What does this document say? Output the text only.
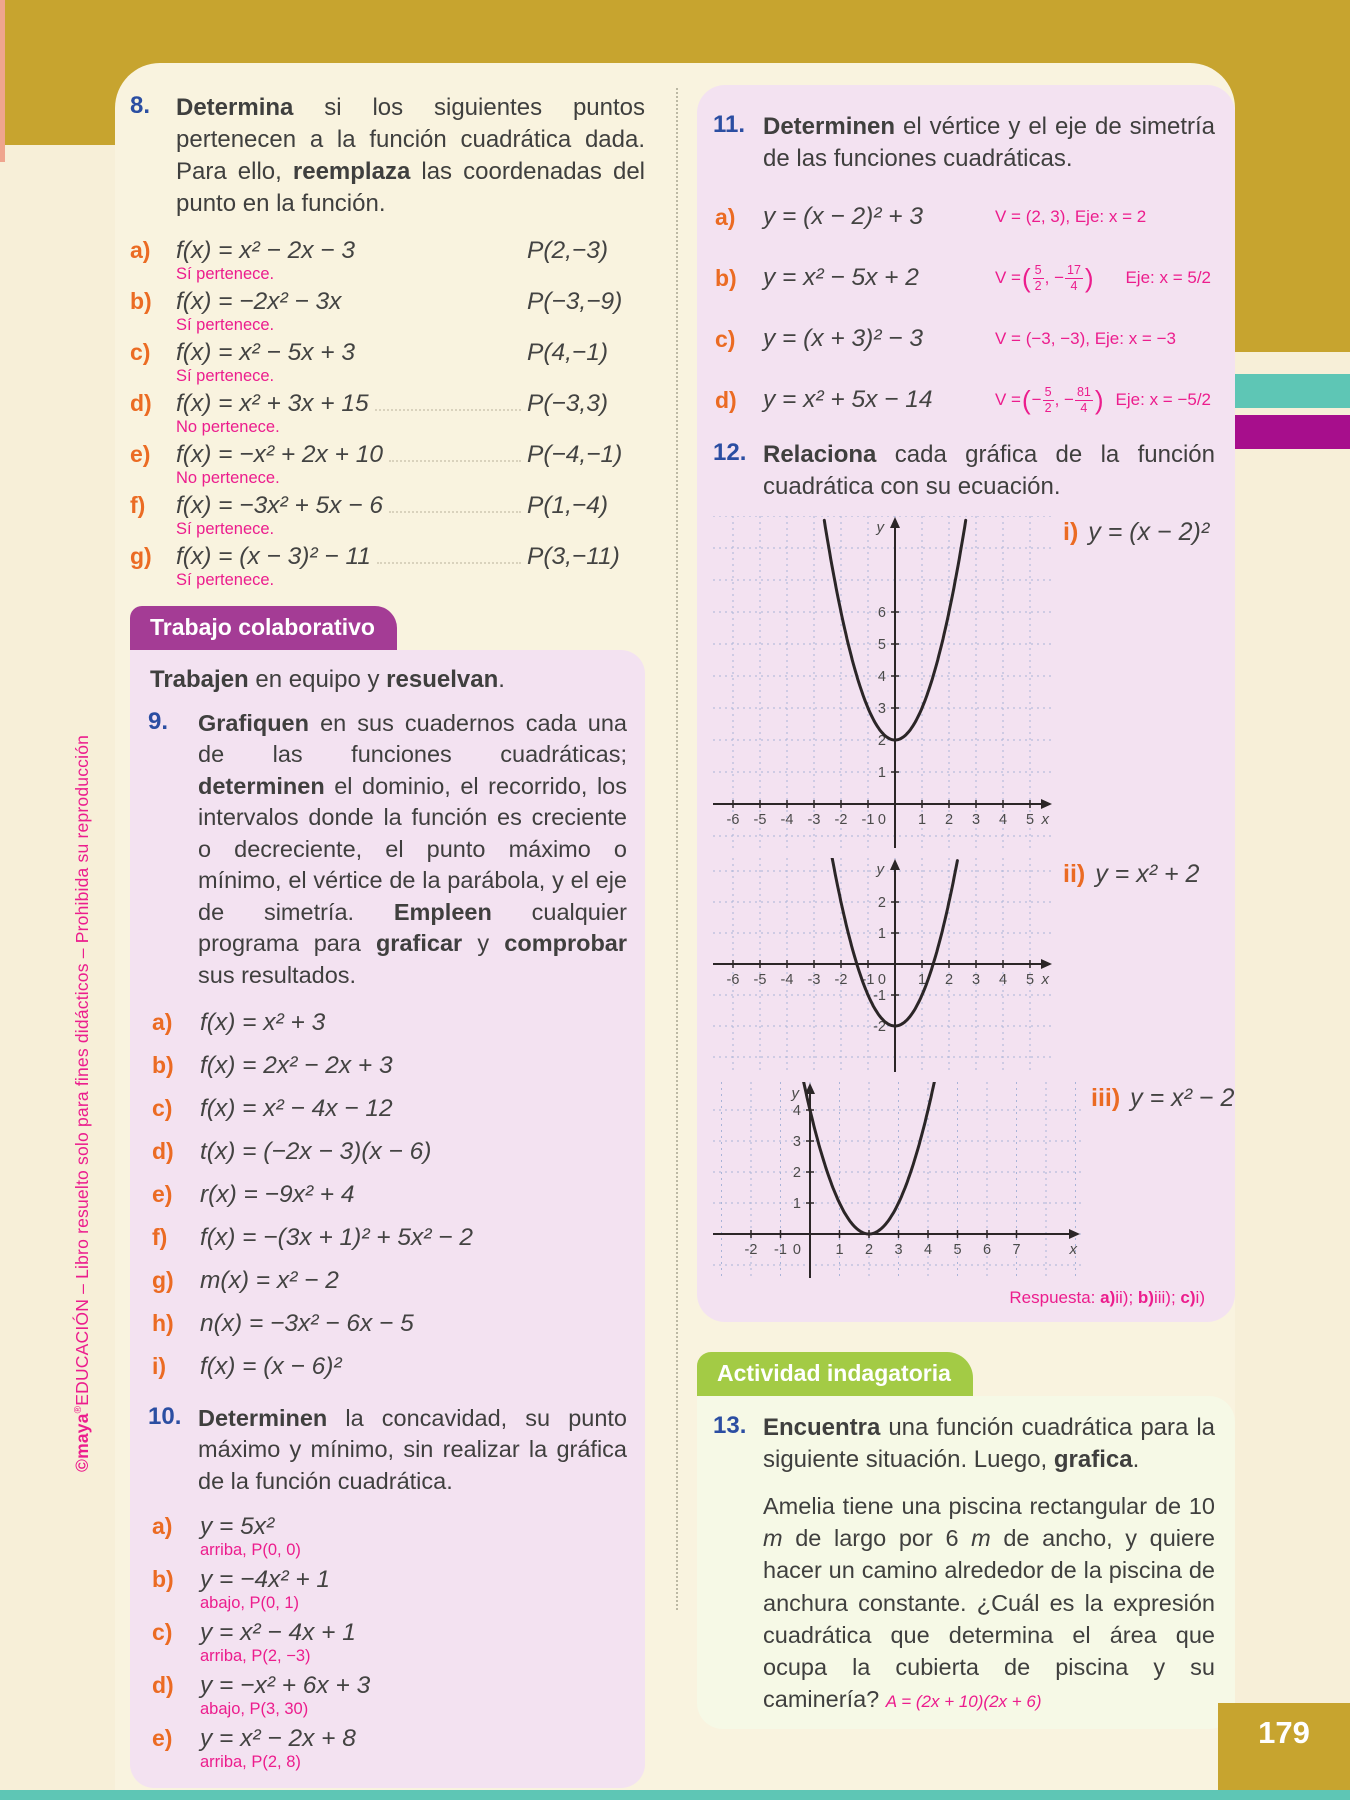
©maya®EDUCACIÓN – Libro resuelto solo para fines didácticos – Prohibida su reproducción
8.	Determina si los siguientes puntos pertenecen a la función cuadrática dada. Para ello, reemplaza las coordenadas del punto en la función.

a)	f(x) = x² − 2x − 3	P(2,−3)
Sí pertenece.
b) f(x) = −2x² − 3x	P(−3,−9)
Sí pertenece.
c)	f(x) = x² − 5x + 3	P(4,−1)
Sí pertenece.
d) f(x) = x² + 3x + 15	P(−3,3)
No pertenece.
e)	f(x) = −x² + 2x + 10	P(−4,−1)
No pertenece.
f)	f(x) = −3x² + 5x − 6	P(1,−4)
Sí pertenece.
g) f(x) = (x − 3)² − 11	P(3,−11)
Sí pertenece.
Trabajo colaborativo

Trabajen en equipo y resuelvan.

9.	Grafiquen en sus cuadernos cada una de las funciones cuadráticas; determinen el dominio, el recorrido, los intervalos donde la función es creciente o decreciente, el punto máximo o mínimo, el vértice de la parábola, y el eje de simetría. Empleen cualquier programa para graficar y comprobar sus resultados.

a)	f(x) = x² + 3
b)	f(x) = 2x² − 2x + 3
c)	f(x) = x² − 4x − 12
d)	t(x) = (−2x − 3)(x − 6)
e)	r(x) = −9x² + 4
f)	f(x) = −(3x + 1)² + 5x² − 2
g)	m(x) = x² − 2
h)	n(x) = −3x² − 6x − 5
i)	f(x) = (x − 6)²
10. Determinen la concavidad, su punto máximo y mínimo, sin realizar la gráfica de la función cuadrática.

a)	y = 5x²
arriba, P(0, 0)
b)	y = −4x² + 1
abajo, P(0, 1)
c)	y = x² − 4x + 1
arriba, P(2, −3)
d)	y = −x² + 6x + 3
abajo, P(3, 30)
e)	y = x² − 2x + 8
arriba, P(2, 8)
11. Determinen el vértice y el eje de simetría de las funciones cuadráticas.

a)	y = (x − 2)² + 3	V = (2, 3), Eje: x = 2
b)	y = x² − 5x + 2	V = ( 5
2 , − $\frac{17}{4}$ ) Eje: x = 5/2
c)	y = (x + 3)² − 3	V = (−3, −3), Eje: x = −3
d)	y = x² + 5x − 14	V = ( − $\frac{5}{2}$ , − $\frac{81}{4}$ ) Eje: x = −5/2
12. Relaciona cada gráfica de la función cuadrática con su ecuación.

-6 -5 -4 -3 -2 -1	1 2 3 4 5
1
2
3
4
5
6
0
y
x
i) y = (x − 2)²
-6 -5 -4 -3 -2 -1	1 2 3 4 5
2
1
-1
-2
0
y
x
ii) y = x² + 2
-2 -1	1 2 3 4 5 6 7
1
2
3
4
0
y
x
iii) y = x² − 2
Respuesta: a)ii); b)iii); c)i)
Actividad indagatoria
13. Encuentra una función cuadrática para la siguiente situación. Luego, grafica.

Amelia tiene una piscina rectangular de 10 m de largo por 6 m de ancho, y quiere hacer un camino alrededor de la piscina de anchura constante. ¿Cuál es la expresión cuadrática que determina el área que ocupa la cubierta de piscina y su caminería? A = (2x + 10)(2x + 6)

179
